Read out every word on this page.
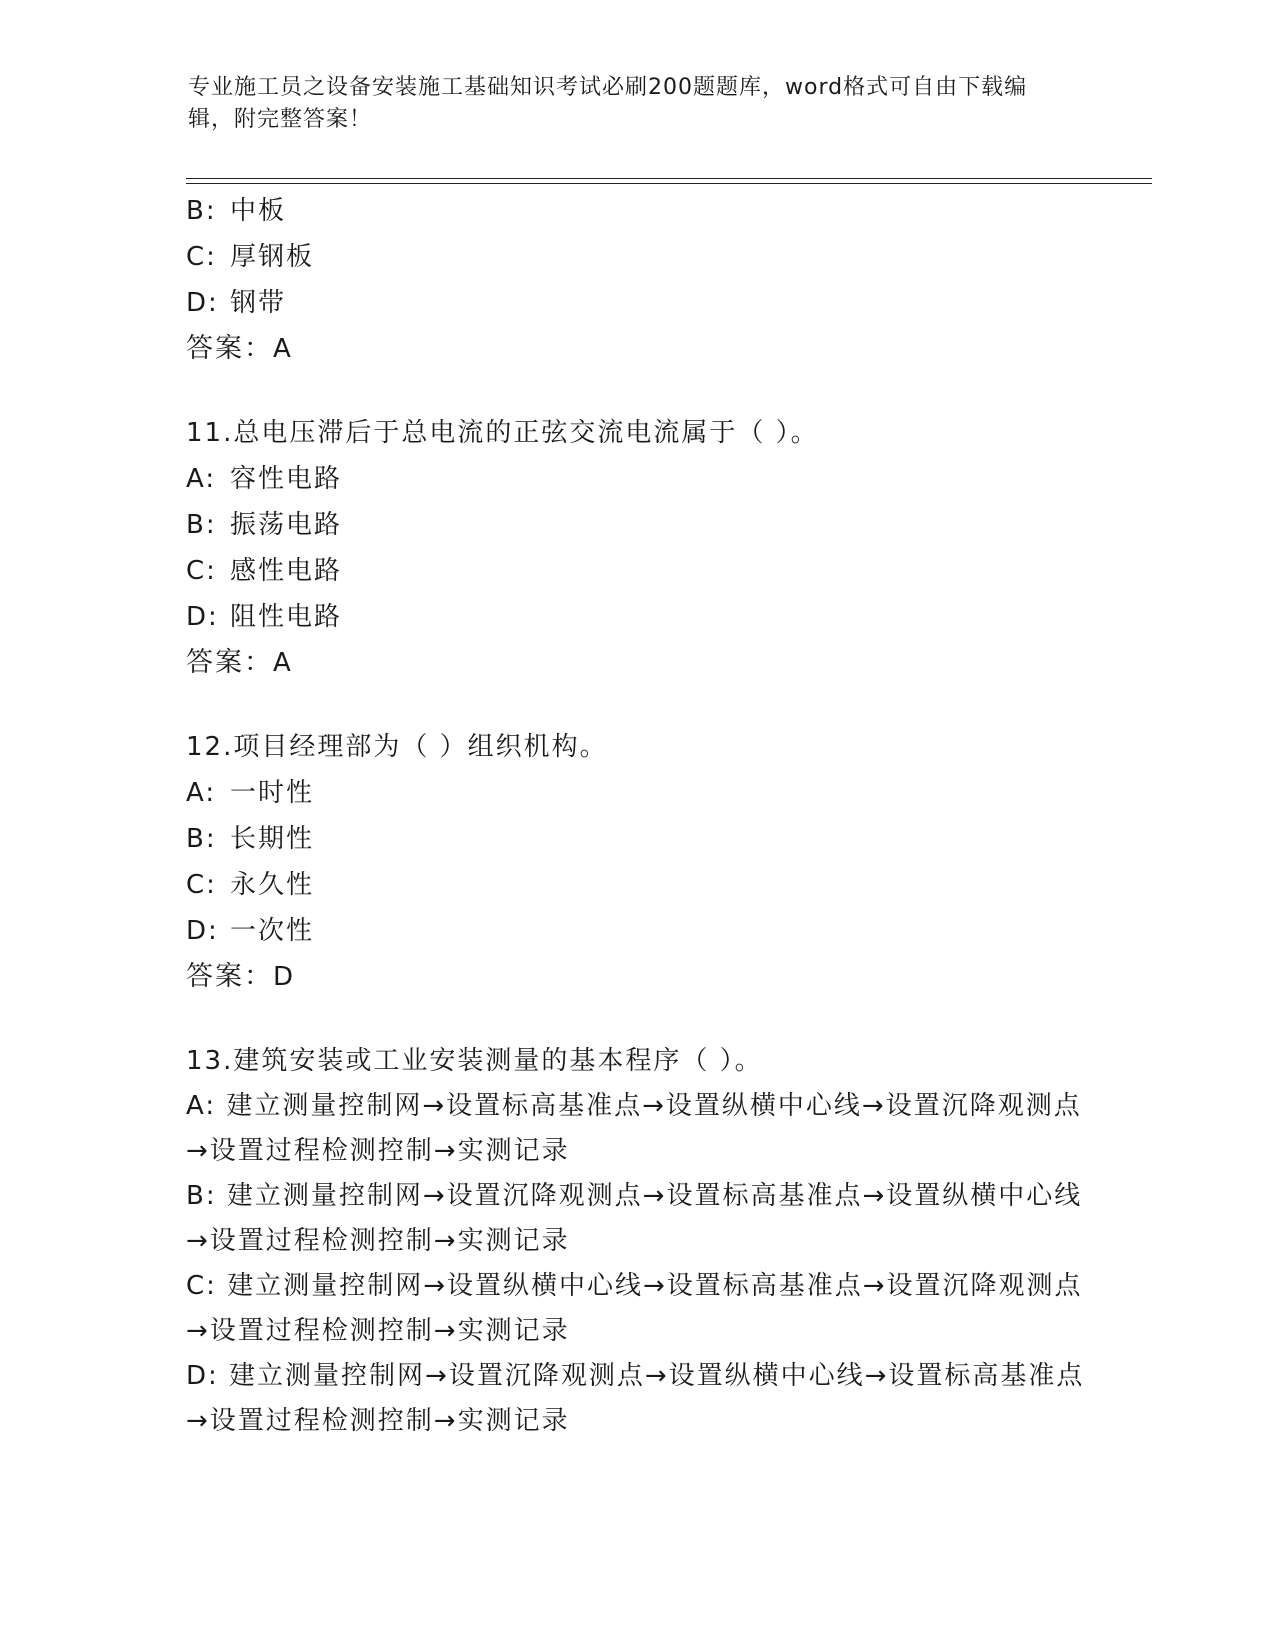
专业施工员之设备安装施工基础知识考试必刷200题题库，word格式可自由下载编辑，附完整答案！
B: 中板
C: 厚钢板
D: 钢带
答案：A
11.总电压滞后于总电流的正弦交流电流属于（ ）。
A: 容性电路
B: 振荡电路
C: 感性电路
D: 阻性电路
答案：A
12.项目经理部为（ ）组织机构。
A: 一时性
B: 长期性
C: 永久性
D: 一次性
答案：D
13.建筑安装或工业安装测量的基本程序（ ）。
A: 建立测量控制网→设置标高基准点→设置纵横中心线→设置沉降观测点→设置过程检测控制→实测记录
B: 建立测量控制网→设置沉降观测点→设置标高基准点→设置纵横中心线→设置过程检测控制→实测记录
C: 建立测量控制网→设置纵横中心线→设置标高基准点→设置沉降观测点→设置过程检测控制→实测记录
D: 建立测量控制网→设置沉降观测点→设置纵横中心线→设置标高基准点→设置过程检测控制→实测记录
